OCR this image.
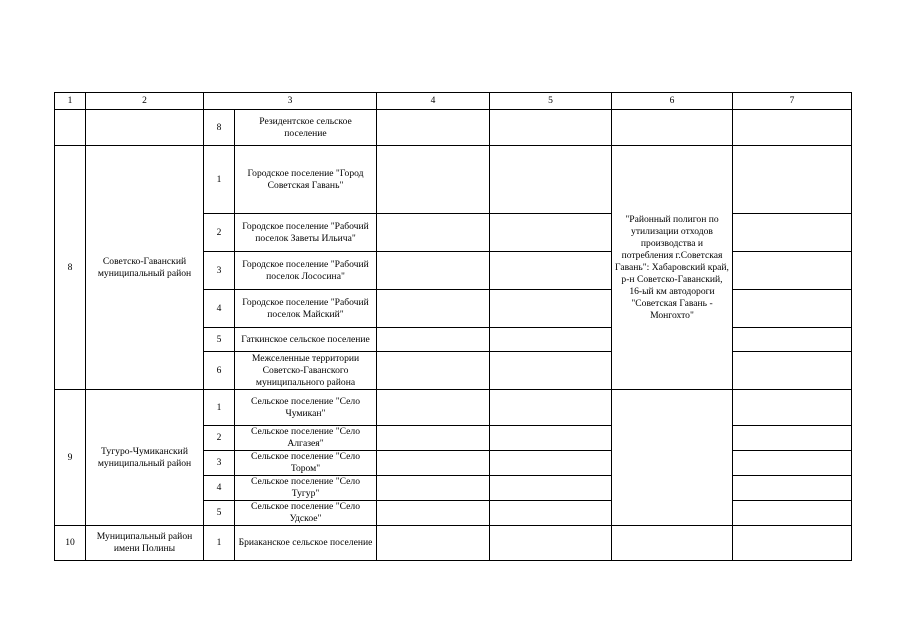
1	2	3		4	5	6	7
		8	Резидентское сельское поселение				
8	Советско-Гаванский муниципальный район	1	Городское поселение "Город Советская Гавань"			"Районный полигон по утилизации отходов производства и потребления г.Советская Гавань": Хабаровский край, р-н Советско-Гаванский, 16-ый км автодороги "Советская Гавань - Монгохто"	
		2	Городское поселение "Рабочий поселок Заветы Ильича"				
		3	Городское поселение "Рабочий поселок Лососина"				
		4	Городское поселение "Рабочий поселок Майский"				
		5	Гаткинское сельское поселение				
		6	Межселенные территории Советско-Гаванского муниципального района				
9	Тугуро-Чумиканский муниципальный район	1	Сельское поселение "Село Чумикан"				
		2	Сельское поселение "Село Алгазея"				
		3	Сельское поселение "Село Тором"				
		4	Сельское поселение "Село Тугур"				
		5	Сельское поселение "Село Удское"				
10	Муниципальный район имени Полины	1	Бриаканское сельское поселение				
